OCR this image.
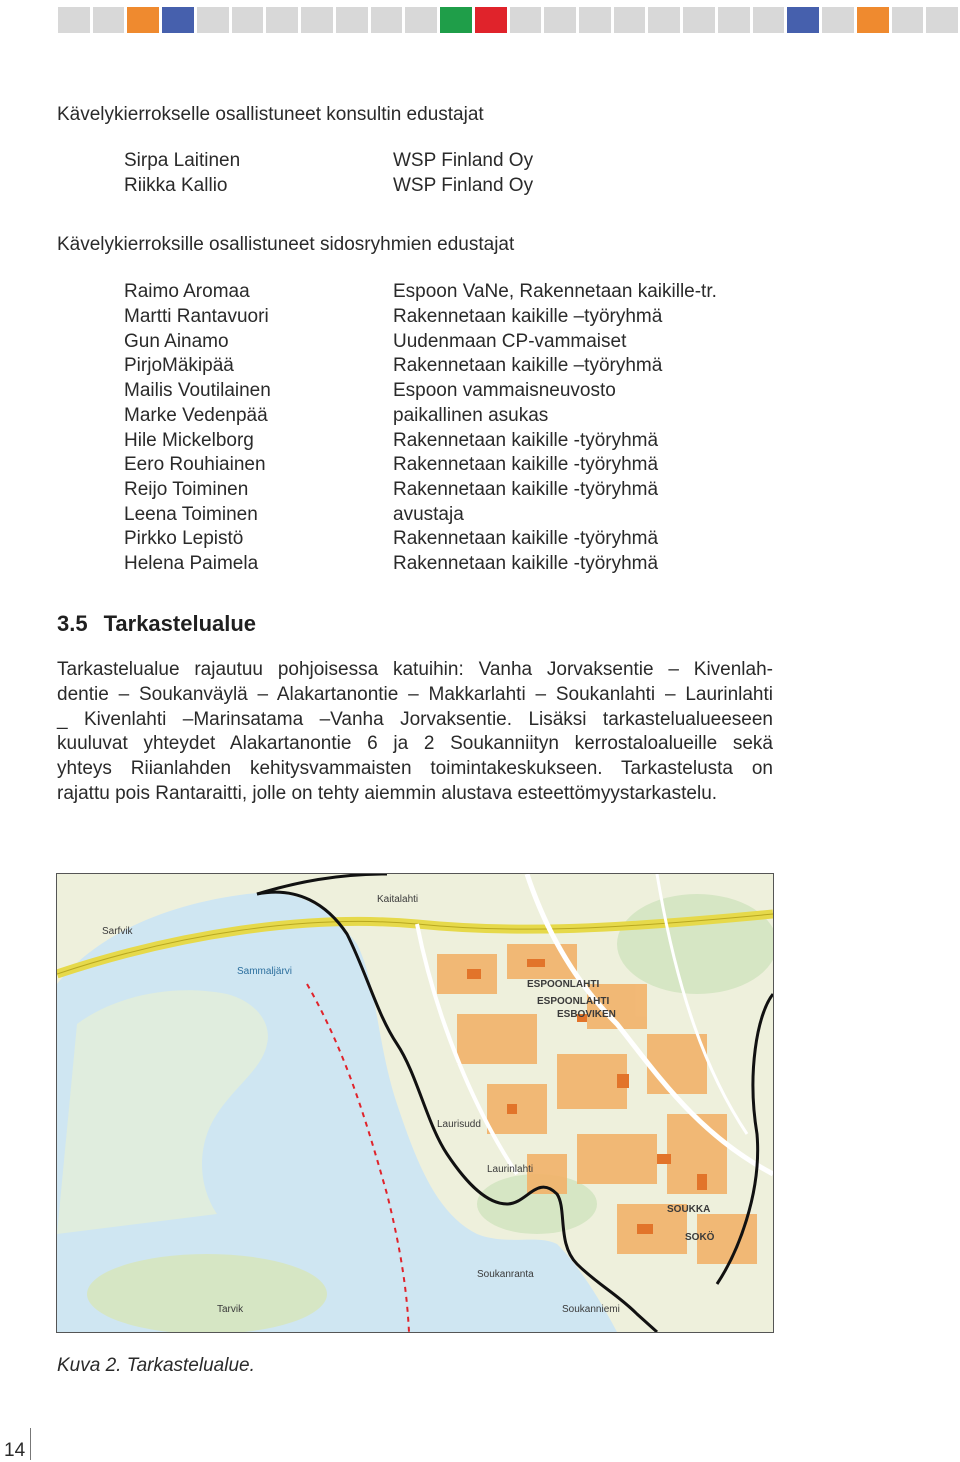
Kävelykierrokselle osallistuneet konsultin edustajat
Sirpa Laitinen	WSP Finland Oy
Riikka Kallio	WSP Finland Oy
Kävelykierroksille osallistuneet sidosryhmien edustajat
Raimo Aromaa	Espoon VaNe, Rakennetaan kaikille-tr.
Martti Rantavuori	Rakennetaan kaikille –työryhmä
Gun Ainamo	Uudenmaan CP-vammaiset
PirjoMäkipää	Rakennetaan kaikille –työryhmä
Mailis Voutilainen	Espoon vammaisneuvosto
Marke Vedenpää	paikallinen asukas
Hile Mickelborg	Rakennetaan kaikille -työryhmä
Eero Rouhiainen	Rakennetaan kaikille -työryhmä
Reijo Toiminen	Rakennetaan kaikille -työryhmä
Leena Toiminen	avustaja
Pirkko Lepistö	Rakennetaan kaikille -työryhmä
Helena Paimela	Rakennetaan kaikille -työryhmä
3.5 Tarkastelualue
Tarkastelualue rajautuu pohjoisessa katuihin: Vanha Jorvaksentie – Kivenlah-
dentie – Soukanväylä – Alakartanontie – Makkarlahti – Soukanlahti – Laurinlahti
_ Kivenlahti –Marinsatama –Vanha Jorvaksentie. Lisäksi tarkastelualueeseen
kuuluvat yhteydet Alakartanontie 6 ja 2 Soukanniityn kerrostaloalueille sekä
yhteys Riianlahden kehitysvammaisten toimintakeskukseen. Tarkastelusta on
rajattu pois Rantaraitti, jolle on tehty aiemmin alustava esteettömyystarkastelu.
ESPOONLAHTI
ESPOONLAHTI
ESBOVIKEN
SOUKKA
SOKÖ
Sarfvik
Sammaljärvi
Soukanranta
Soukanniemi
Tarvik
Kaitalahti
Laurinlahti
Laurisudd
Kuva 2. Tarkastelualue.
14
